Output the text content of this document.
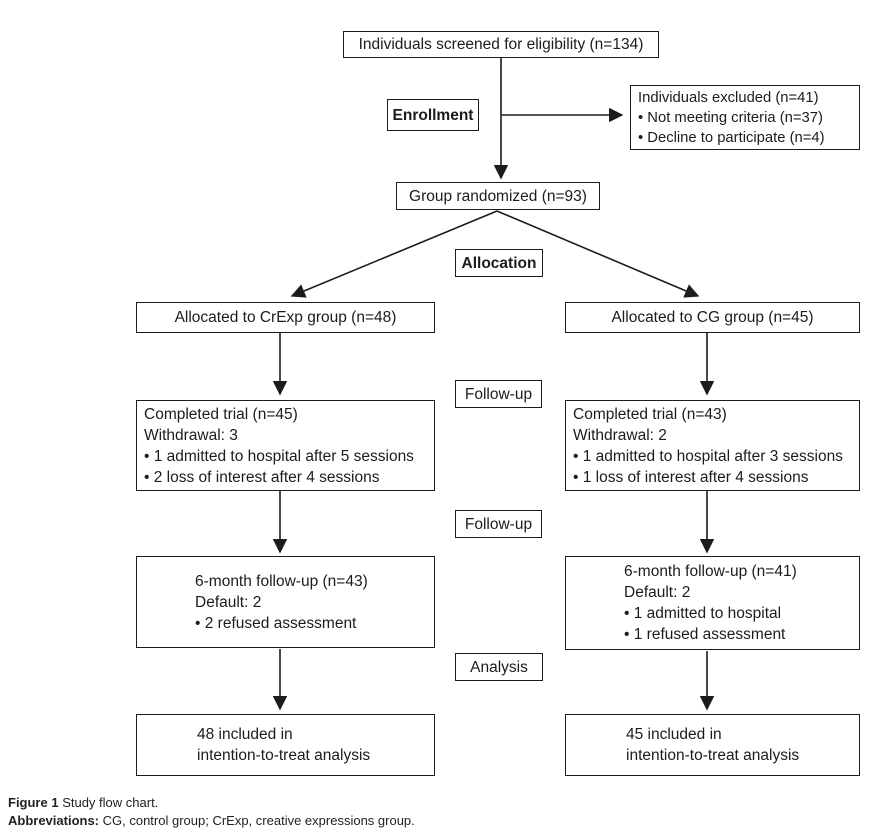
Individuals screened for eligibility (n=134)
Enrollment
Individuals excluded (n=41)
• Not meeting criteria (n=37)
• Decline to participate (n=4)
Group randomized (n=93)
Allocation
Allocated to CrExp group (n=48)	Allocated to CG group (n=45)
Follow-up
Completed trial (n=45)
Withdrawal: 3
• 1 admitted to hospital after 5 sessions
• 2 loss of interest after 4 sessions
Completed trial (n=43)
Withdrawal: 2
• 1 admitted to hospital after 3 sessions
• 1 loss of interest after 4 sessions
Follow-up
6-month follow-up (n=43)
Default: 2
• 2 refused assessment
6-month follow-up (n=41)
Default: 2
• 1 admitted to hospital
• 1 refused assessment
Analysis
48 included in
intention-to-treat analysis
45 included in
intention-to-treat analysis
Figure 1 Study flow chart.
Abbreviations: CG, control group; CrExp, creative expressions group.
